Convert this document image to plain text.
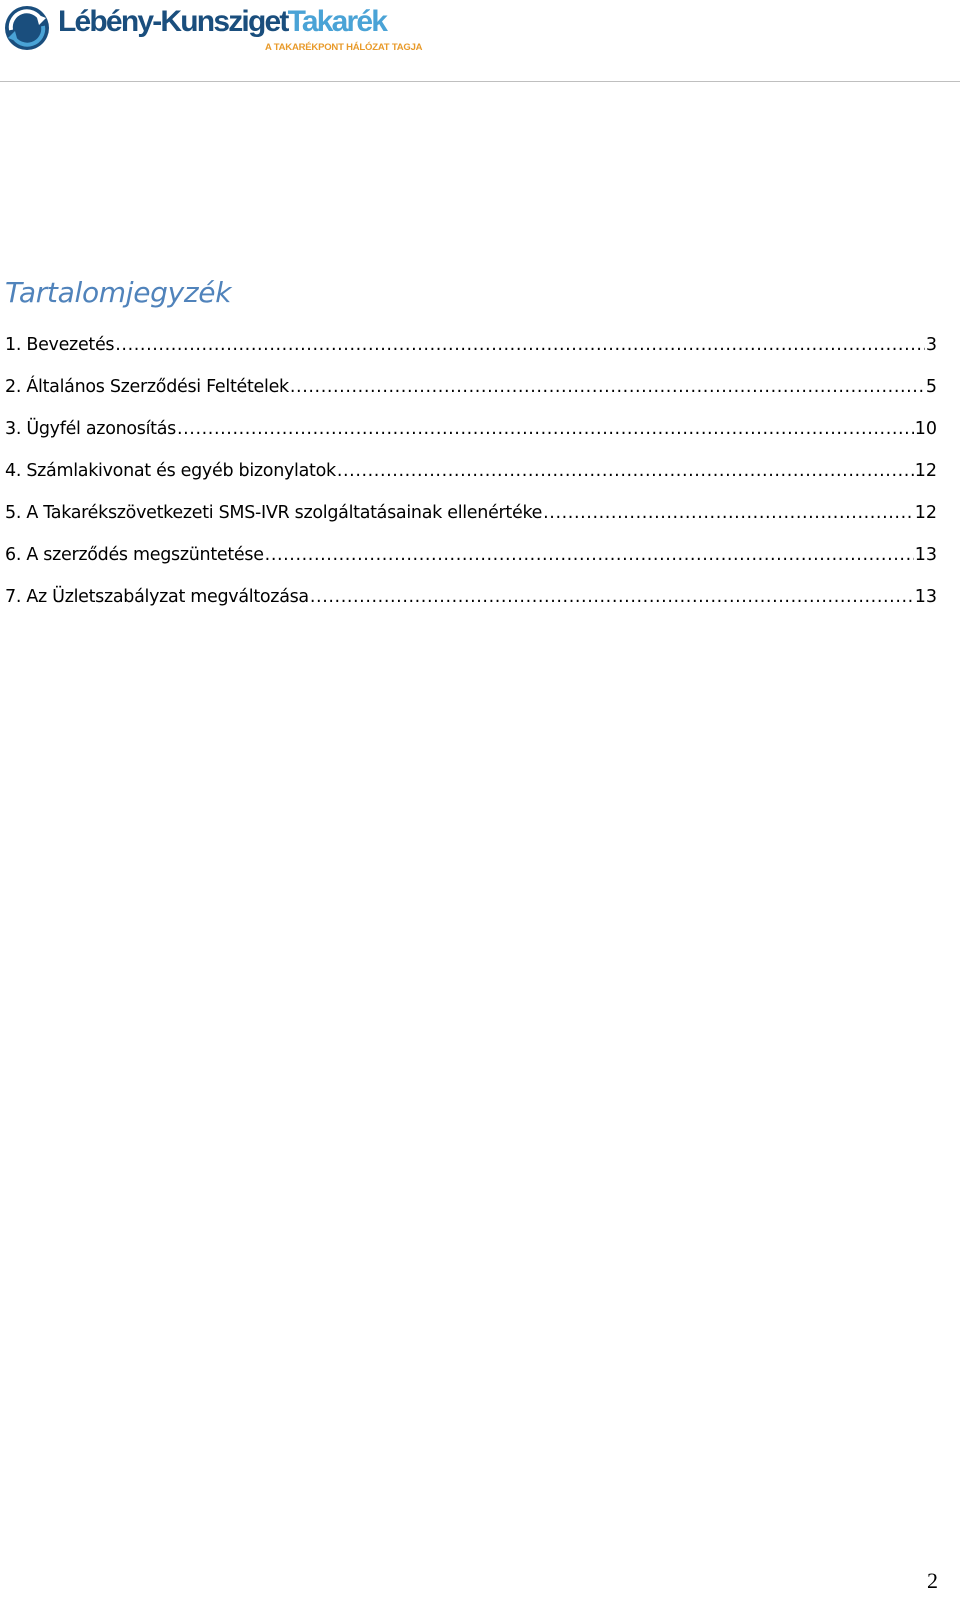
Lébény-KunszigetTakarék
A TAKARÉKPONT HÁLÓZAT TAGJA
Tartalomjegyzék
1. Bevezetés .....	3
2. Általános Szerződési Feltételek .....	5
3. Ügyfél azonosítás .....	10
4. Számlakivonat és egyéb bizonylatok .....	12
5. A Takarékszövetkezeti SMS-IVR szolgáltatásainak ellenértéke .....	12
6. A szerződés megszüntetése .....	13
7. Az Üzletszabályzat megváltozása .....	13
2
